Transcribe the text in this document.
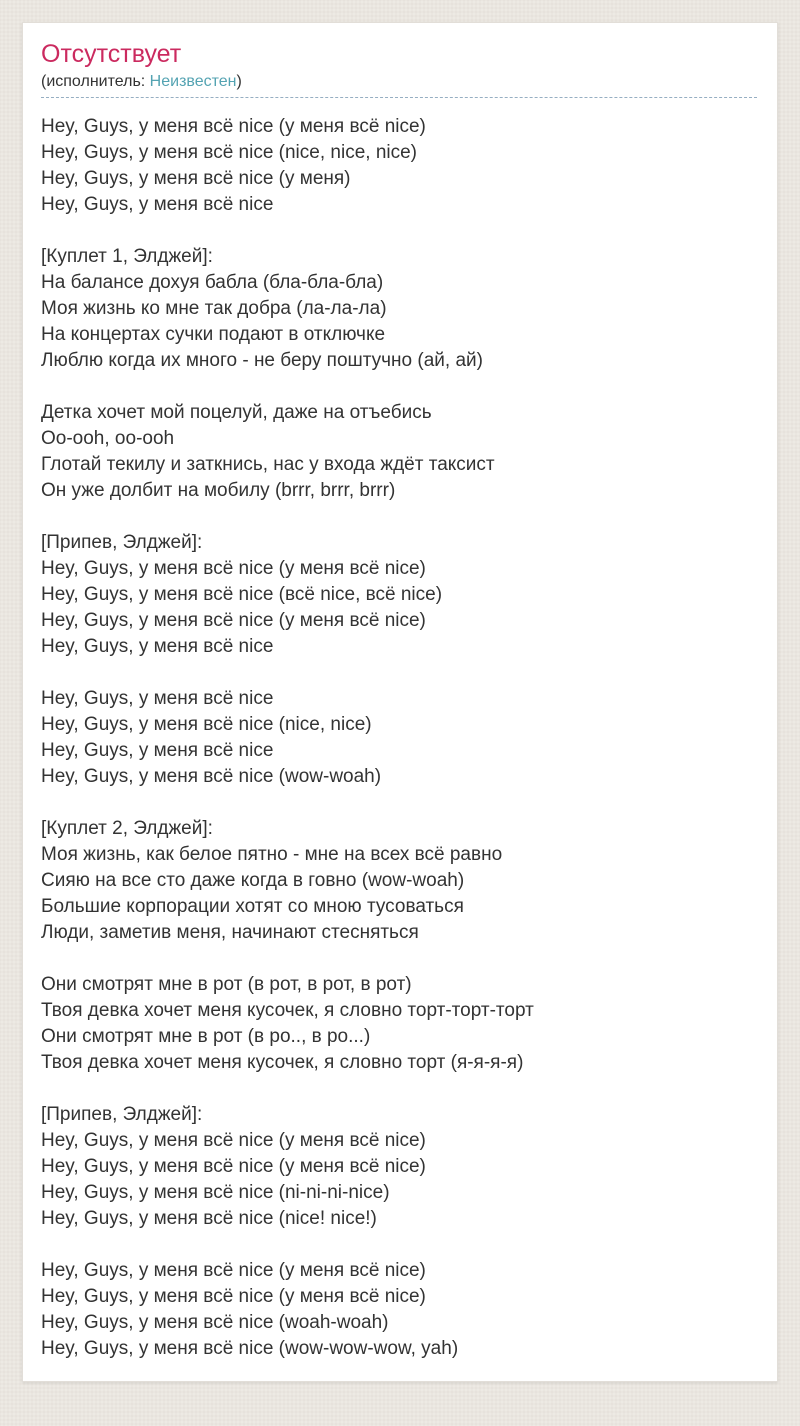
Отсутствует
(исполнитель: Неизвестен)
Hey, Guys, у меня всё nice (у меня всё nice)
Hey, Guys, у меня всё nice (nice, nice, nice)
Hey, Guys, у меня всё nice (у меня)
Hey, Guys, у меня всё nice
[Куплет 1, Элджей]:
На балансе дохуя бабла (бла-бла-бла)
Моя жизнь ко мне так добра (ла-ла-ла)
На концертах сучки подают в отключке
Люблю когда их много - не беру поштучно (ай, ай)
Детка хочет мой поцелуй, даже на отъебись
Oo-ooh, oo-ooh
Глотай текилу и заткнись, нас у входа ждёт таксист
Он уже долбит на мобилу (brrr, brrr, brrr)
[Припев, Элджей]:
Hey, Guys, у меня всё nice (у меня всё nice)
Hey, Guys, у меня всё nice (всё nice, всё nice)
Hey, Guys, у меня всё nice (у меня всё nice)
Hey, Guys, у меня всё nice
Hey, Guys, у меня всё nice
Hey, Guys, у меня всё nice (nice, nice)
Hey, Guys, у меня всё nice
Hey, Guys, у меня всё nice (wow-woah)
[Куплет 2, Элджей]:
Моя жизнь, как белое пятно - мне на всех всё равно
Сияю на все сто даже когда в говно (wow-woah)
Большие корпорации хотят со мною тусоваться
Люди, заметив меня, начинают стесняться
Они смотрят мне в рот (в рот, в рот, в рот)
Твоя девка хочет меня кусочек, я словно торт-торт-торт
Они смотрят мне в рот (в ро.., в ро...)
Твоя девка хочет меня кусочек, я словно торт (я-я-я-я)
[Припев, Элджей]:
Hey, Guys, у меня всё nice (у меня всё nice)
Hey, Guys, у меня всё nice (у меня всё nice)
Hey, Guys, у меня всё nice (ni-ni-ni-nice)
Hey, Guys, у меня всё nice (nice! nice!)
Hey, Guys, у меня всё nice (у меня всё nice)
Hey, Guys, у меня всё nice (у меня всё nice)
Hey, Guys, у меня всё nice (woah-woah)
Hey, Guys, у меня всё nice (wow-wow-wow, yah)
